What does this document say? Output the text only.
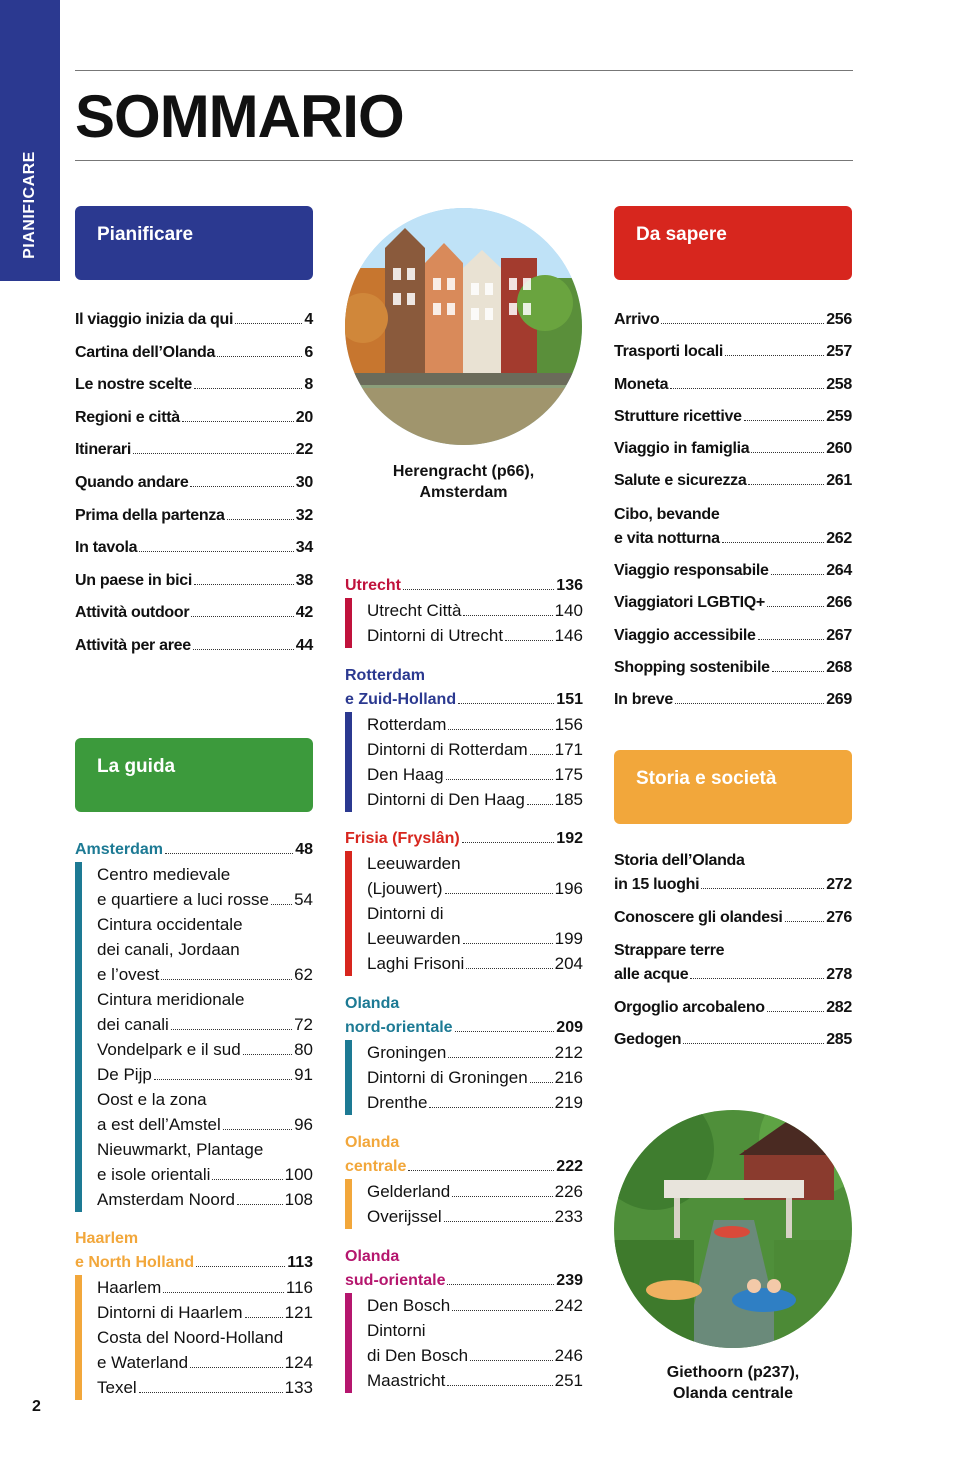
PIANIFICARE
SOMMARIO
Pianificare
Il viaggio inizia da qui	4
Cartina dell’Olanda	6
Le nostre scelte	8
Regioni e città	20
Itinerari	22
Quando andare	30
Prima della partenza	32
In tavola	34
Un paese in bici	38
Attività outdoor	42
Attività per aree	44
La guida
Amsterdam	48
Centro medievale
e quartiere a luci rosse 54
Cintura occidentale
dei canali, Jordaan
e l’ovest	62
Cintura meridionale
dei canali	72
Vondelpark e il sud	80
De Pijp	91
Oost e la zona
a est dell’Amstel	96
Nieuwmarkt, Plantage
e isole orientali	100
Amsterdam Noord	108
Haarlem
e North Holland	113
Haarlem	116
Dintorni di Haarlem 121
Costa del Noord-Holland
e Waterland	124
Texel	133
Herengracht (p66),
Amsterdam
Utrecht	136
Utrecht Città	140
Dintorni di Utrecht	146
Rotterdam
e Zuid-Holland	151
Rotterdam	156
Dintorni di Rotterdam 171
Den Haag	175
Dintorni di Den Haag 185
Frisia (Fryslân)	192
Leeuwarden
(Ljouwert)	196
Dintorni di
Leeuwarden	199
Laghi Frisoni	204
Olanda
nord-orientale	209
Groningen	212
Dintorni di Groningen 216
Drenthe	219
Olanda
centrale	222
Gelderland	226
Overijssel	233
Olanda
sud-orientale	239
Den Bosch	242
Dintorni
di Den Bosch	246
Maastricht	251
Da sapere
Arrivo	256
Trasporti locali	257
Moneta	258
Strutture ricettive	259
Viaggio in famiglia	260
Salute e sicurezza	261
Cibo, bevande
e vita notturna	262
Viaggio responsabile	264
Viaggiatori LGBTIQ+	266
Viaggio accessibile	267
Shopping sostenibile	268
In breve	269
Storia e società
Storia dell’Olanda
in 15 luoghi	272
Conoscere gli olandesi	276
Strappare terre
alle acque	278
Orgoglio arcobaleno	282
Gedogen	285
Giethoorn (p237),
Olanda centrale
2
